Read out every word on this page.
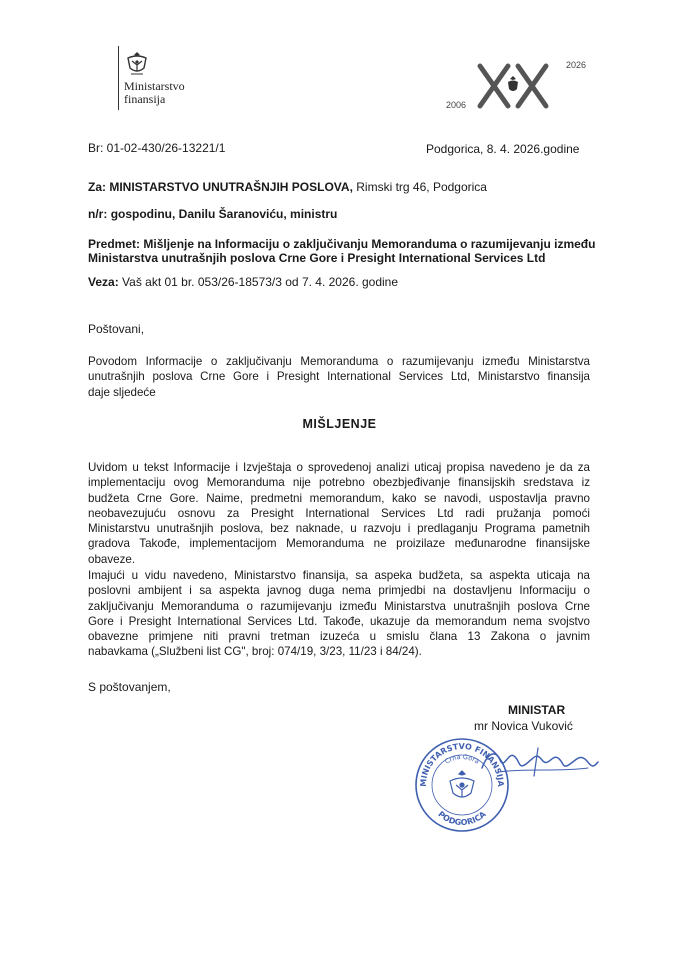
Ministarstvo
finansija
2026
2006
Br: 01-02-430/26-13221/1	Podgorica, 8. 4. 2026.godine
Za: MINISTARSTVO UNUTRAŠNJIH POSLOVA, Rimski trg 46, Podgorica
n/r: gospodinu, Danilu Šaranoviću, ministru
Predmet: Mišljenje na Informaciju o zaključivanju Memoranduma o razumijevanju između
Ministarstva unutrašnjih poslova Crne Gore i Presight International Services Ltd
Veza: Vaš akt 01 br. 053/26-18573/3 od 7. 4. 2026. godine
Poštovani,
Povodom Informacije o zaključivanju Memoranduma o razumijevanju između Ministarstva
unutrašnjih poslova Crne Gore i Presight International Services Ltd, Ministarstvo finansija
daje sljedeće
MIŠLJENJE
Uvidom u tekst Informacije i Izvještaja o sprovedenoj analizi uticaj propisa navedeno je da za
implementaciju ovog Memoranduma nije potrebno obezbjeđivanje finansijskih sredstava iz
budžeta Crne Gore. Naime, predmetni memorandum, kako se navodi, uspostavlja pravno
neobavezujuću osnovu za Presight International Services Ltd radi pružanja pomoći
Ministarstvu unutrašnjih poslova, bez naknade, u razvoju i predlaganju Programa pametnih
gradova Takođe, implementacijom Memoranduma ne proizilaze međunarodne finansijske
obaveze.
Imajući u vidu navedeno, Ministarstvo finansija, sa aspeka budžeta, sa aspekta uticaja na
poslovni ambijent i sa aspekta javnog duga nema primjedbi na dostavljenu Informaciju o
zaključivanju Memoranduma o razumijevanju između Ministarstva unutrašnjih poslova Crne
Gore i Presight International Services Ltd. Takođe, ukazuje da memorandum nema svojstvo
obavezne primjene niti pravni tretman izuzeća u smislu člana 13 Zakona o javnim
nabavkama („Službeni list CG", broj: 074/19, 3/23, 11/23 i 84/24).
S poštovanjem,
MINISTAR
mr Novica Vuković
MINISTARSTVO FINANSIJA
Crna Gora
PODGORICA
